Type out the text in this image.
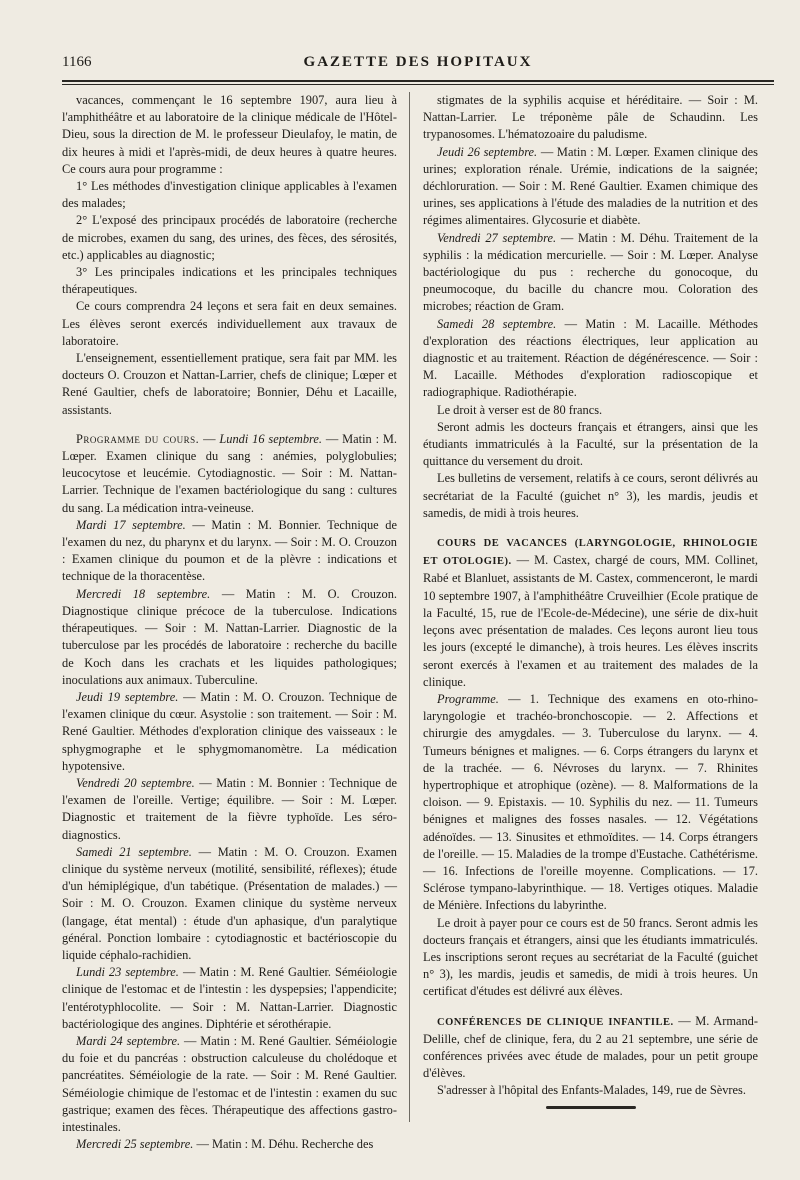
1166	GAZETTE DES HOPITAUX

vacances, commençant le 16 septembre 1907, aura lieu à l'amphithéâtre et au laboratoire de la clinique médicale de l'Hôtel-Dieu, sous la direction de M. le professeur Dieulafoy, le matin, de dix heures à midi et l'après-midi, de deux heures à quatre heures. Ce cours aura pour programme :

1° Les méthodes d'investigation clinique applicables à l'examen des malades;

2° L'exposé des principaux procédés de laboratoire (recherche de microbes, examen du sang, des urines, des fèces, des sérosités, etc.) applicables au diagnostic;

3° Les principales indications et les principales techniques thérapeutiques.

Ce cours comprendra 24 leçons et sera fait en deux semaines. Les élèves seront exercés individuellement aux travaux de laboratoire.

L'enseignement, essentiellement pratique, sera fait par MM. les docteurs O. Crouzon et Nattan-Larrier, chefs de clinique; Lœper et René Gaultier, chefs de laboratoire; Bonnier, Déhu et Lacaille, assistants.

Programme du cours. — Lundi 16 septembre. — Matin : M. Lœper. Examen clinique du sang : anémies, polyglobulies; leucocytose et leucémie. Cytodiagnostic. — Soir : M. Nattan-Larrier. Technique de l'examen bactériologique du sang : cultures du sang. La médication intra-veineuse.

Mardi 17 septembre. — Matin : M. Bonnier. Technique de l'examen du nez, du pharynx et du larynx. — Soir : M. O. Crouzon : Examen clinique du poumon et de la plèvre : indications et technique de la thoracentèse.

Mercredi 18 septembre. — Matin : M. O. Crouzon. Diagnostique clinique précoce de la tuberculose. Indications thérapeutiques. — Soir : M. Nattan-Larrier. Diagnostic de la tuberculose par les procédés de laboratoire : recherche du bacille de Koch dans les crachats et les liquides pathologiques; inoculations aux animaux. Tuberculine.

Jeudi 19 septembre. — Matin : M. O. Crouzon. Technique de l'examen clinique du cœur. Asystolie : son traitement. — Soir : M. René Gaultier. Méthodes d'exploration clinique des vaisseaux : le sphygmographe et le sphygmomanomètre. La médication hypotensive.

Vendredi 20 septembre. — Matin : M. Bonnier : Technique de l'examen de l'oreille. Vertige; équilibre. — Soir : M. Lœper. Diagnostic et traitement de la fièvre typhoïde. Les séro-diagnostics.

Samedi 21 septembre. — Matin : M. O. Crouzon. Examen clinique du système nerveux (motilité, sensibilité, réflexes); étude d'un hémiplégique, d'un tabétique. (Présentation de malades.) — Soir : M. O. Crouzon. Examen clinique du système nerveux (langage, état mental) : étude d'un aphasique, d'un paralytique général. Ponction lombaire : cytodiagnostic et bactérioscopie du liquide céphalo-rachidien.

Lundi 23 septembre. — Matin : M. René Gaultier. Séméiologie clinique de l'estomac et de l'intestin : les dyspepsies; l'appendicite; l'entérotyphlocolite. — Soir : M. Nattan-Larrier. Diagnostic bactériologique des angines. Diphtérie et sérothérapie.

Mardi 24 septembre. — Matin : M. René Gaultier. Séméiologie du foie et du pancréas : obstruction calculeuse du cholédoque et pancréatites. Séméiologie de la rate. — Soir : M. René Gaultier. Séméiologie chimique de l'estomac et de l'intestin : examen du suc gastrique; examen des fèces. Thérapeutique des affections gastro-intestinales.

Mercredi 25 septembre. — Matin : M. Déhu. Recherche des

stigmates de la syphilis acquise et héréditaire. — Soir : M. Nattan-Larrier. Le tréponème pâle de Schaudinn. Les trypanosomes. L'hématozoaire du paludisme.

Jeudi 26 septembre. — Matin : M. Lœper. Examen clinique des urines; exploration rénale. Urémie, indications de la saignée; déchloruration. — Soir : M. René Gaultier. Examen chimique des urines, ses applications à l'étude des maladies de la nutrition et des régimes alimentaires. Glycosurie et diabète.

Vendredi 27 septembre. — Matin : M. Déhu. Traitement de la syphilis : la médication mercurielle. — Soir : M. Lœper. Analyse bactériologique du pus : recherche du gonocoque, du pneumocoque, du bacille du chancre mou. Coloration des microbes; réaction de Gram.

Samedi 28 septembre. — Matin : M. Lacaille. Méthodes d'exploration des réactions électriques, leur application au diagnostic et au traitement. Réaction de dégénérescence. — Soir : M. Lacaille. Méthodes d'exploration radioscopique et radiographique. Radiothérapie.

Le droit à verser est de 80 francs.

Seront admis les docteurs français et étrangers, ainsi que les étudiants immatriculés à la Faculté, sur la présentation de la quittance du versement du droit.

Les bulletins de versement, relatifs à ce cours, seront délivrés au secrétariat de la Faculté (guichet n° 3), les mardis, jeudis et samedis, de midi à trois heures.

COURS DE VACANCES (LARYNGOLOGIE, RHINOLOGIE ET OTOLOGIE). — M. Castex, chargé de cours, MM. Collinet, Rabé et Blanluet, assistants de M. Castex, commenceront, le mardi 10 septembre 1907, à l'amphithéâtre Cruveilhier (Ecole pratique de la Faculté, 15, rue de l'Ecole-de-Médecine), une série de dix-huit leçons avec présentation de malades. Ces leçons auront lieu tous les jours (excepté le dimanche), à trois heures. Les élèves inscrits seront exercés à l'examen et au traitement des malades de la clinique.

Programme. — 1. Technique des examens en oto-rhino-laryngologie et trachéo-bronchoscopie. — 2. Affections et chirurgie des amygdales. — 3. Tuberculose du larynx. — 4. Tumeurs bénignes et malignes. — 6. Corps étrangers du larynx et de la trachée. — 6. Névroses du larynx. — 7. Rhinites hypertrophique et atrophique (ozène). — 8. Malformations de la cloison. — 9. Epistaxis. — 10. Syphilis du nez. — 11. Tumeurs bénignes et malignes des fosses nasales. — 12. Végétations adénoïdes. — 13. Sinusites et ethmoïdites. — 14. Corps étrangers de l'oreille. — 15. Maladies de la trompe d'Eustache. Cathétérisme. — 16. Infections de l'oreille moyenne. Complications. — 17. Sclérose tympano-labyrinthique. — 18. Vertiges otiques. Maladie de Ménière. Infections du labyrinthe.

Le droit à payer pour ce cours est de 50 francs. Seront admis les docteurs français et étrangers, ainsi que les étudiants immatriculés. Les inscriptions seront reçues au secrétariat de la Faculté (guichet n° 3), les mardis, jeudis et samedis, de midi à trois heures. Un certificat d'études est délivré aux élèves.

CONFÉRENCES DE CLINIQUE INFANTILE. — M. Armand-Delille, chef de clinique, fera, du 2 au 21 septembre, une série de conférences privées avec étude de malades, pour un petit groupe d'élèves.

S'adresser à l'hôpital des Enfants-Malades, 149, rue de Sèvres.
